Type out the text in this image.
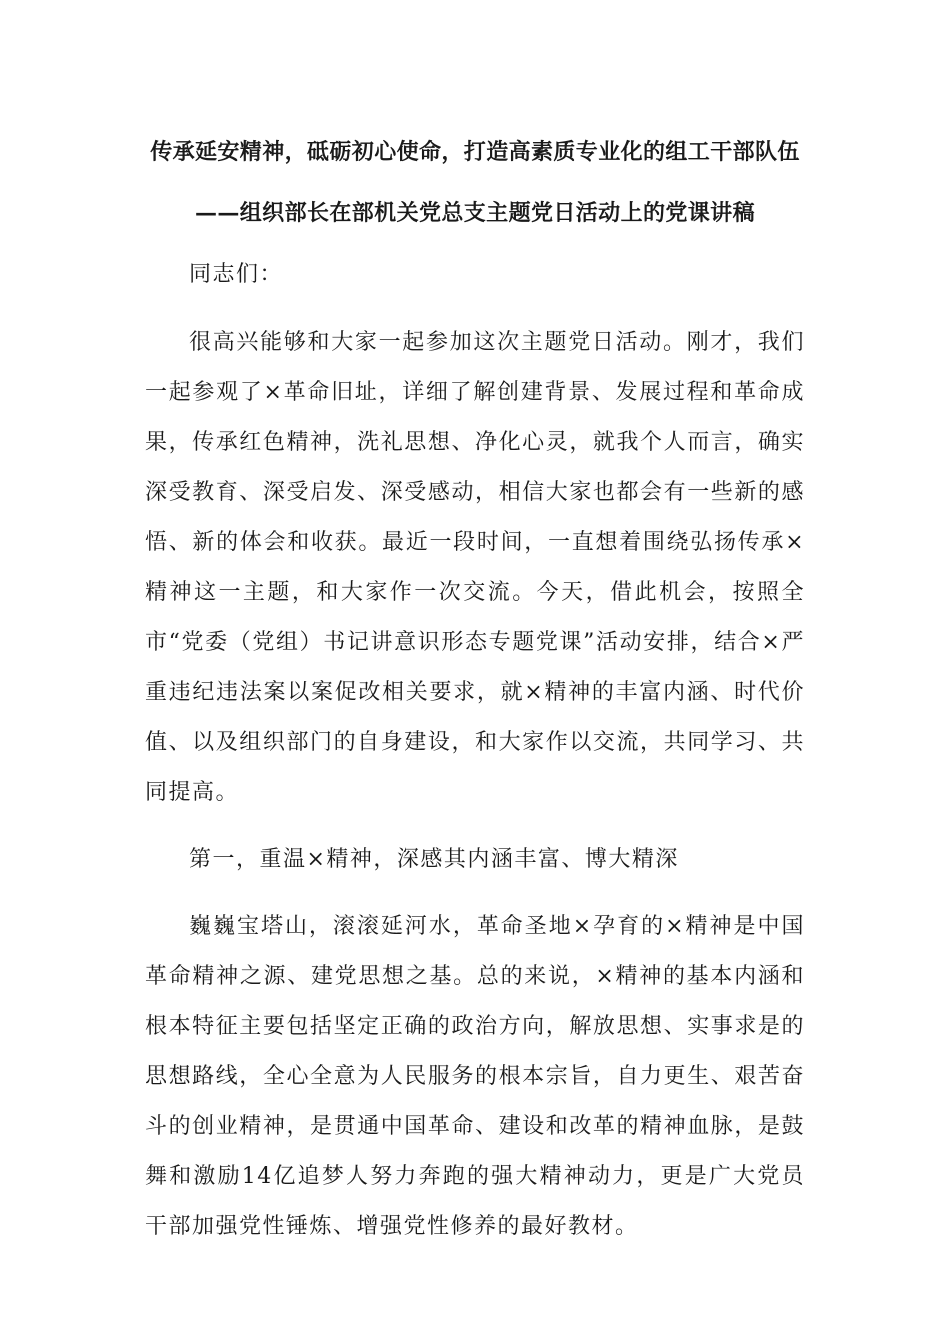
传承延安精神，砥砺初心使命，打造高素质专业化的组工干部队伍
——组织部长在部机关党总支主题党日活动上的党课讲稿

同志们：

很高兴能够和大家一起参加这次主题党日活动。刚才，我们一起参观了×革命旧址，详细了解创建背景、发展过程和革命成果，传承红色精神，洗礼思想、净化心灵，就我个人而言，确实深受教育、深受启发、深受感动，相信大家也都会有一些新的感悟、新的体会和收获。最近一段时间，一直想着围绕弘扬传承×精神这一主题，和大家作一次交流。今天，借此机会，按照全市“党委（党组）书记讲意识形态专题党课”活动安排，结合×严重违纪违法案以案促改相关要求，就×精神的丰富内涵、时代价值、以及组织部门的自身建设，和大家作以交流，共同学习、共同提高。

第一，重温×精神，深感其内涵丰富、博大精深

巍巍宝塔山，滚滚延河水，革命圣地×孕育的×精神是中国革命精神之源、建党思想之基。总的来说，×精神的基本内涵和根本特征主要包括坚定正确的政治方向，解放思想、实事求是的思想路线，全心全意为人民服务的根本宗旨，自力更生、艰苦奋斗的创业精神，是贯通中国革命、建设和改革的精神血脉，是鼓舞和激励14亿追梦人努力奔跑的强大精神动力，更是广大党员干部加强党性锤炼、增强党性修养的最好教材。
